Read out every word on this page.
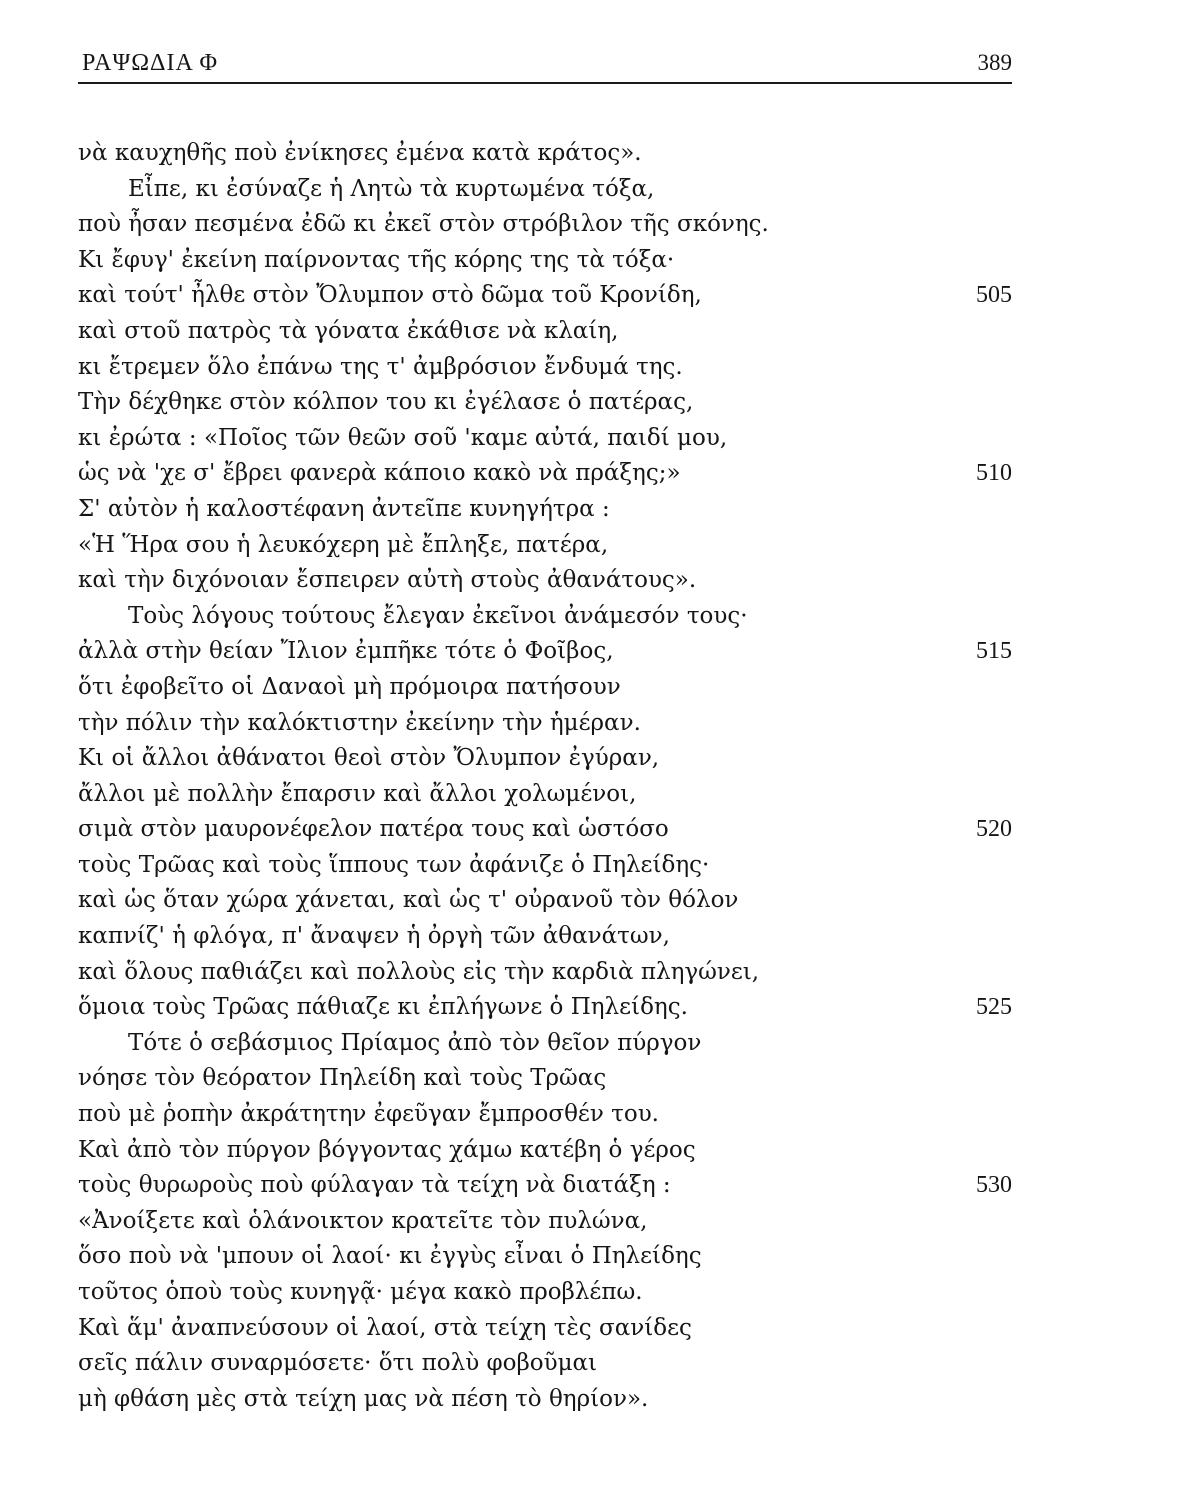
ΡΑΨΩΔΙΑ Φ	389
νὰ καυχηθῆς ποὺ ἐνίκησες ἐμένα κατὰ κράτος».
Εἶπε, κι ἐσύναζε ἡ Λητὼ τὰ κυρτωμένα τόξα,
ποὺ ἦσαν πεσμένα ἐδῶ κι ἐκεῖ στὸν στρόβιλον τῆς σκόνης.
Κι ἔφυγ' ἐκείνη παίρνοντας τῆς κόρης της τὰ τόξα·
καὶ τούτ' ἦλθε στὸν Ὄλυμπον στὸ δῶμα τοῦ Κρονίδη,	505
καὶ στοῦ πατρὸς τὰ γόνατα ἐκάθισε νὰ κλαίη,
κι ἔτρεμεν ὅλο ἐπάνω της τ' ἀμβρόσιον ἔνδυμά της.
Τὴν δέχθηκε στὸν κόλπον του κι ἐγέλασε ὁ πατέρας,
κι ἐρώτα : «Ποῖος τῶν θεῶν σοῦ 'καμε αὐτά, παιδί μου,
ὡς νὰ 'χε σ' ἔβρει φανερὰ κάποιο κακὸ νὰ πράξης;»	510
Σ' αὐτὸν ἡ καλοστέφανη ἀντεῖπε κυνηγήτρα :
«Ἡ Ἥρα σου ἡ λευκόχερη μὲ ἔπληξε, πατέρα,
καὶ τὴν διχόνοιαν ἔσπειρεν αὐτὴ στοὺς ἀθανάτους».
Τοὺς λόγους τούτους ἔλεγαν ἐκεῖνοι ἀνάμεσόν τους·
ἀλλὰ στὴν θείαν Ἴλιον ἐμπῆκε τότε ὁ Φοῖβος,	515
ὅτι ἐφοβεῖτο οἱ Δαναοὶ μὴ πρόμοιρα πατήσουν
τὴν πόλιν τὴν καλόκτιστην ἐκείνην τὴν ἡμέραν.
Κι οἱ ἄλλοι ἀθάνατοι θεοὶ στὸν Ὄλυμπον ἐγύραν,
ἄλλοι μὲ πολλὴν ἔπαρσιν καὶ ἄλλοι χολωμένοι,
σιμὰ στὸν μαυρονέφελον πατέρα τους καὶ ὡστόσο	520
τοὺς Τρῶας καὶ τοὺς ἵππους των ἀφάνιζε ὁ Πηλείδης·
καὶ ὡς ὅταν χώρα χάνεται, καὶ ὡς τ' οὐρανοῦ τὸν θόλον
καπνίζ' ἡ φλόγα, π' ἄναψεν ἡ ὀργὴ τῶν ἀθανάτων,
καὶ ὅλους παθιάζει καὶ πολλοὺς εἰς τὴν καρδιὰ πληγώνει,
ὅμοια τοὺς Τρῶας πάθιαζε κι ἐπλήγωνε ὁ Πηλείδης.	525
Τότε ὁ σεβάσμιος Πρίαμος ἀπὸ τὸν θεῖον πύργον
νόησε τὸν θεόρατον Πηλείδη καὶ τοὺς Τρῶας
ποὺ μὲ ῥοπὴν ἀκράτητην ἐφεῦγαν ἔμπροσθέν του.
Καὶ ἀπὸ τὸν πύργον βόγγοντας χάμω κατέβη ὁ γέρος
τοὺς θυρωροὺς ποὺ φύλαγαν τὰ τείχη νὰ διατάξη :	530
«Ἀνοίξετε καὶ ὁλάνοικτον κρατεῖτε τὸν πυλώνα,
ὅσο ποὺ νὰ 'μπουν οἱ λαοί· κι ἐγγὺς εἶναι ὁ Πηλείδης
τοῦτος ὁποὺ τοὺς κυνηγᾷ· μέγα κακὸ προβλέπω.
Καὶ ἅμ' ἀναπνεύσουν οἱ λαοί, στὰ τείχη τὲς σανίδες
σεῖς πάλιν συναρμόσετε· ὅτι πολὺ φοβοῦμαι
μὴ φθάση μὲς στὰ τείχη μας νὰ πέση τὸ θηρίον».
